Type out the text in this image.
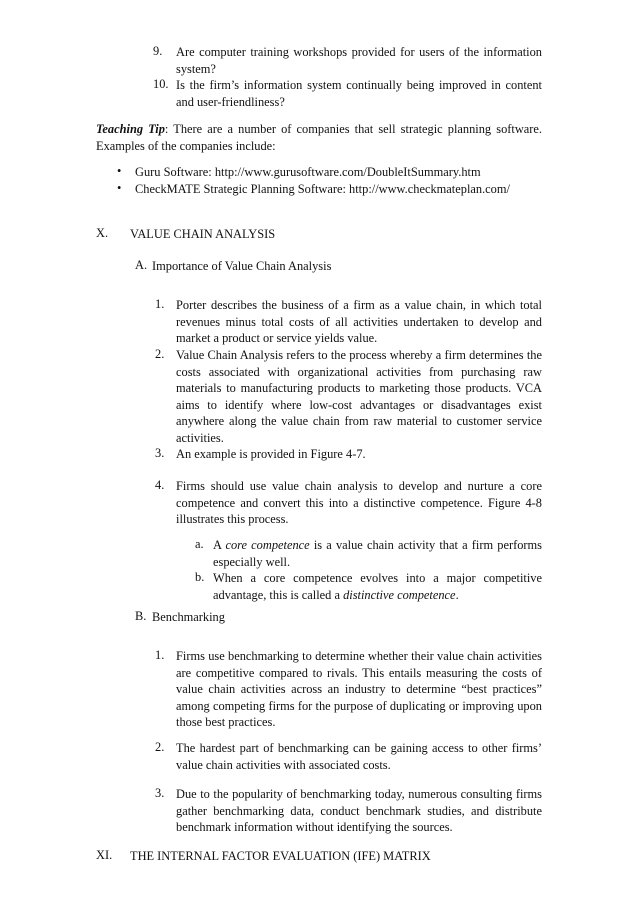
9. Are computer training workshops provided for users of the information system?
10. Is the firm’s information system continually being improved in content and user-friendliness?
Teaching Tip: There are a number of companies that sell strategic planning software. Examples of the companies include:
• Guru Software: http://www.gurusoftware.com/DoubleItSummary.htm
• CheckMATE Strategic Planning Software: http://www.checkmateplan.com/
X. VALUE CHAIN ANALYSIS
A. Importance of Value Chain Analysis
1. Porter describes the business of a firm as a value chain, in which total revenues minus total costs of all activities undertaken to develop and market a product or service yields value.
2. Value Chain Analysis refers to the process whereby a firm determines the costs associated with organizational activities from purchasing raw materials to manufacturing products to marketing those products. VCA aims to identify where low-cost advantages or disadvantages exist anywhere along the value chain from raw material to customer service activities.
3. An example is provided in Figure 4-7.
4. Firms should use value chain analysis to develop and nurture a core competence and convert this into a distinctive competence. Figure 4-8 illustrates this process.
a. A core competence is a value chain activity that a firm performs especially well.
b. When a core competence evolves into a major competitive advantage, this is called a distinctive competence.
B. Benchmarking
1. Firms use benchmarking to determine whether their value chain activities are competitive compared to rivals. This entails measuring the costs of value chain activities across an industry to determine “best practices” among competing firms for the purpose of duplicating or improving upon those best practices.
2. The hardest part of benchmarking can be gaining access to other firms’ value chain activities with associated costs.
3. Due to the popularity of benchmarking today, numerous consulting firms gather benchmarking data, conduct benchmark studies, and distribute benchmark information without identifying the sources.
XI. THE INTERNAL FACTOR EVALUATION (IFE) MATRIX
